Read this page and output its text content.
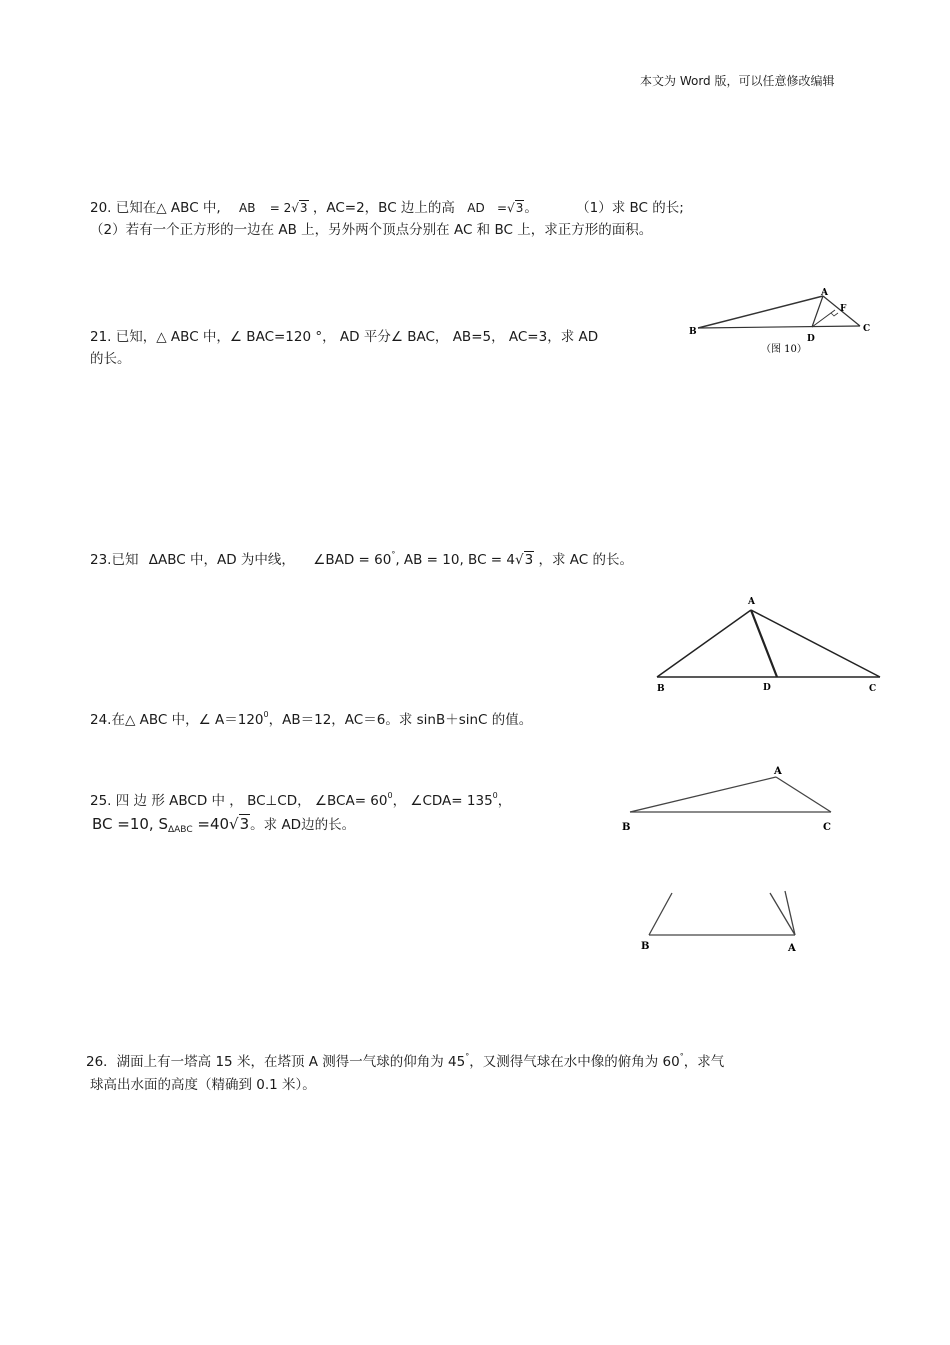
本文为 Word 版，可以任意修改编辑
20. 已知在△ ABC 中, AB = 2√3 ，AC=2，BC 边上的高 AD =√3。	（1）求 BC 的长;
（2）若有一个正方形的一边在 AB 上，另外两个顶点分别在 AC 和 BC 上，求正方形的面积。
21. 已知，△ ABC 中，∠ BAC=120 °， AD 平分∠ BAC， AB=5， AC=3，求 AD
的长。
A
B	C
D
F
（图 10）
23.已知 ΔABC 中，AD 为中线， ∠BAD = 60°, AB = 10, BC = 4√3 ，求 AC 的长。
A
B	D	C
24.在△ ABC 中，∠ $A=120^0$，AB＝12，AC＝6。求 sinB＋sinC 的值。
A
B	C
25. 四 边 形 ABCD 中 ， BC⊥CD， ∠BCA= $60^0$， ∠CDA= $135^0$，
BC =10, $S_{\Delta ABC} =40√3$。求 AD边的长。
B	A
26．湖面上有一塔高 15 米，在塔顶 A 测得一气球的仰角为 45°，又测得气球在水中像的俯角为 60°，求气
球高出水面的高度（精确到 0.1 米）。
